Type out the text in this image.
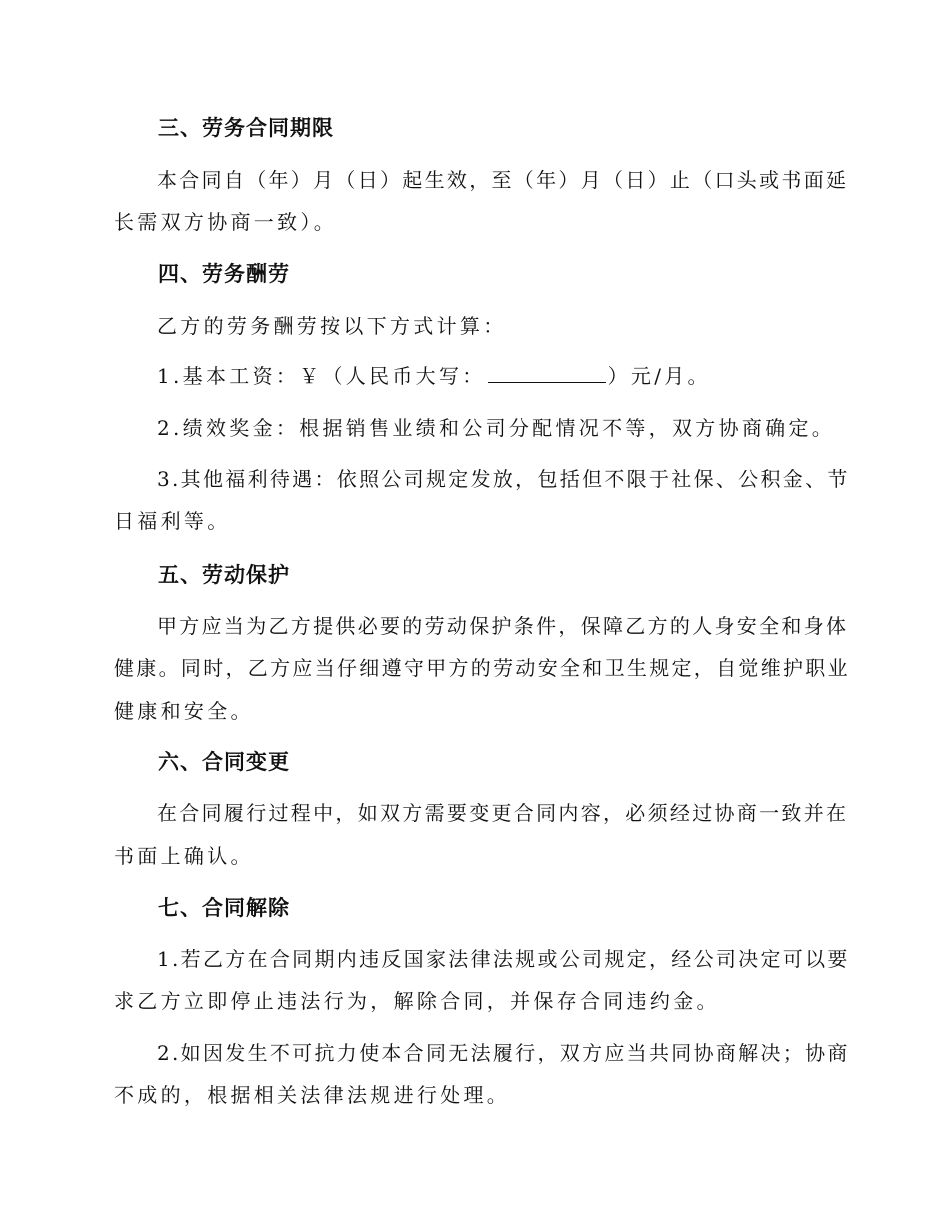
三、劳务合同期限
本合同自（年）月（日）起生效，至（年）月（日）止（口头或书面延
长需双方协商一致）。
四、劳务酬劳
乙方的劳务酬劳按以下方式计算：
1.基本工资：￥（人民币大写：	）元/月。
2.绩效奖金：根据销售业绩和公司分配情况不等，双方协商确定。
3.其他福利待遇：依照公司规定发放，包括但不限于社保、公积金、节
日福利等。
五、劳动保护
甲方应当为乙方提供必要的劳动保护条件，保障乙方的人身安全和身体
健康。同时，乙方应当仔细遵守甲方的劳动安全和卫生规定，自觉维护职业
健康和安全。
六、合同变更
在合同履行过程中，如双方需要变更合同内容，必须经过协商一致并在
书面上确认。
七、合同解除
1.若乙方在合同期内违反国家法律法规或公司规定，经公司决定可以要
求乙方立即停止违法行为，解除合同，并保存合同违约金。
2.如因发生不可抗力使本合同无法履行，双方应当共同协商解决；协商
不成的，根据相关法律法规进行处理。
